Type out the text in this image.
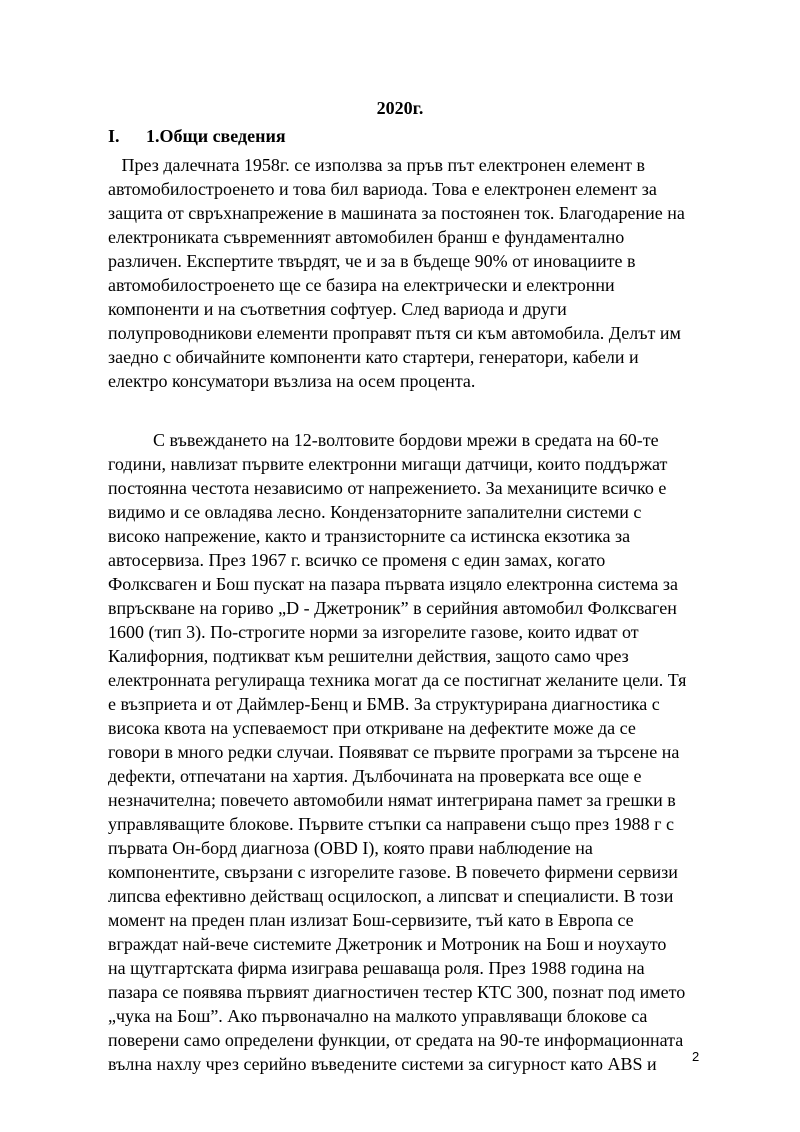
2020г.
I. 1.Общи сведения
През далечната 1958г. се използва за пръв път електронен елемент в
автомобилостроенето и това бил вариода. Това е електронен елемент за
защита от свръхнапрежение в машината за постоянен ток. Благодарение на
електрониката съвременният автомобилен бранш е фундаментално
различен. Експертите твърдят, че и за в бъдеще 90% от иновациите в
автомобилостроенето ще се базира на електрически и електронни
компоненти и на съответния софтуер. След вариода и други
полупроводникови елементи проправят пътя си към автомобила. Делът им
заедно с обичайните компоненти като стартери, генератори, кабели и
електро консуматори възлиза на осем процента.
С въвеждането на 12-волтовите бордови мрежи в средата на 60-те
години, навлизат първите електронни мигащи датчици, които поддържат
постоянна честота независимо от напрежението. За механиците всичко е
видимо и се овладява лесно. Кондензаторните запалителни системи с
високо напрежение, както и транзисторните са истинска екзотика за
автосервиза. През 1967 г. всичко се променя с един замах, когато
Фолксваген и Бош пускат на пазара първата изцяло електронна система за
впръскване на гориво „D - Джетроник” в серийния автомобил Фолксваген
1600 (тип 3). По-строгите норми за изгорелите газове, които идват от
Калифорния, подтикват към решителни действия, защото само чрез
електронната регулираща техника могат да се постигнат желаните цели. Тя
е възприета и от Даймлер-Бенц и БМВ. За структурирана диагностика с
висока квота на успеваемост при откриване на дефектите може да се
говори в много редки случаи. Появяват се първите програми за търсене на
дефекти, отпечатани на хартия. Дълбочината на проверката все още е
незначителна; повечето автомобили нямат интегрирана памет за грешки в
управляващите блокове. Първите стъпки са направени също през 1988 г с
първата Он-борд диагноза (OBD I), която прави наблюдение на
компонентите, свързани с изгорелите газове. В повечето фирмени сервизи
липсва ефективно действащ осцилоскоп, а липсват и специалисти. В този
момент на преден план излизат Бош-сервизите, тъй като в Европа се
вграждат най-вече системите Джетроник и Мотроник на Бош и ноухауто
на щутгартската фирма изиграва решаваща роля. През 1988 година на
пазара се появява първият диагностичен тестер КТС 300, познат под името
„чука на Бош”. Ако първоначално на малкото управляващи блокове са
поверени само определени функции, от средата на 90-те информационната
вълна нахлу чрез серийно въведените системи за сигурност като ABS и	2
